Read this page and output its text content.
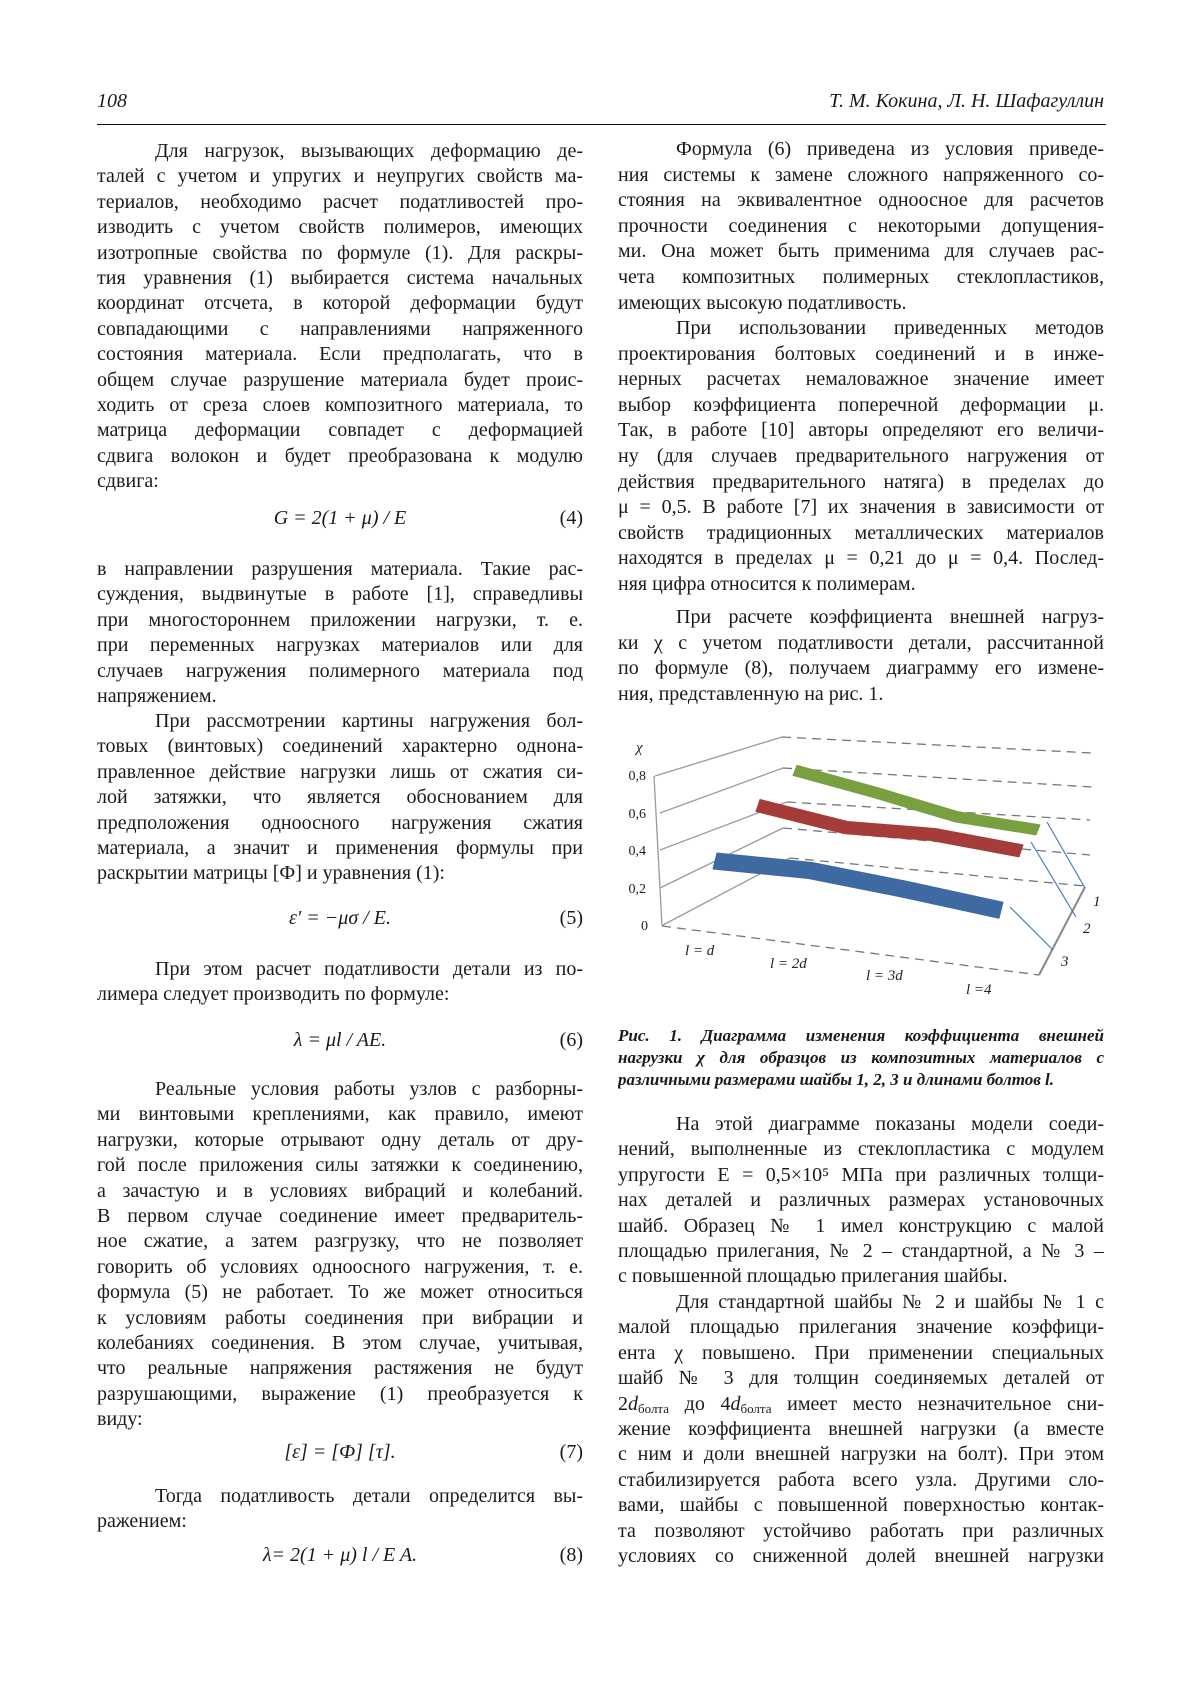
108	Т. М. Кокина, Л. Н. Шафагуллин
Для нагрузок, вызывающих деформацию де-
талей с учетом и упругих и неупругих свойств ма-
териалов, необходимо расчет податливостей про-
изводить с учетом свойств полимеров, имеющих
изотропные свойства по формуле (1). Для раскры-
тия уравнения (1) выбирается система начальных
координат отсчета, в которой деформации будут
совпадающими с направлениями напряженного
состояния материала. Если предполагать, что в
общем случае разрушение материала будет проис-
ходить от среза слоев композитного материала, то
матрица деформации совпадет с деформацией
сдвига волокон и будет преобразована к модулю
сдвига:
G = 2(1 + μ) / E	(4)
в направлении разрушения материала. Такие рас-
суждения, выдвинутые в работе [1], справедливы
при многостороннем приложении нагрузки, т. е.
при переменных нагрузках материалов или для
случаев нагружения полимерного материала под
напряжением.
При рассмотрении картины нагружения бол-
товых (винтовых) соединений характерно однона-
правленное действие нагрузки лишь от сжатия си-
лой затяжки, что является обоснованием для
предположения одноосного нагружения сжатия
материала, а значит и применения формулы при
раскрытии матрицы [Ф] и уравнения (1):
ε′ = −μσ / E.	(5)
При этом расчет податливости детали из по-
лимера следует производить по формуле:
λ = μl / AE.	(6)
Реальные условия работы узлов с разборны-
ми винтовыми креплениями, как правило, имеют
нагрузки, которые отрывают одну деталь от дру-
гой после приложения силы затяжки к соединению,
а зачастую и в условиях вибраций и колебаний.
В первом случае соединение имеет предваритель-
ное сжатие, а затем разгрузку, что не позволяет
говорить об условиях одноосного нагружения, т. е.
формула (5) не работает. То же может относиться
к условиям работы соединения при вибрации и
колебаниях соединения. В этом случае, учитывая,
что реальные напряжения растяжения не будут
разрушающими, выражение (1) преобразуется к
виду:
[ε] = [Ф] [τ].	(7)
Тогда податливость детали определится вы-
ражением:
λ= 2(1 + μ) l / E A.	(8)
Формула (6) приведена из условия приведе-
ния системы к замене сложного напряженного со-
стояния на эквивалентное одноосное для расчетов
прочности соединения с некоторыми допущения-
ми. Она может быть применима для случаев рас-
чета композитных полимерных стеклопластиков,
имеющих высокую податливость.
При использовании приведенных методов
проектирования болтовых соединений и в инже-
нерных расчетах немаловажное значение имеет
выбор коэффициента поперечной деформации μ.
Так, в работе [10] авторы определяют его величи-
ну (для случаев предварительного нагружения от
действия предварительного натяга) в пределах до
μ = 0,5. В работе [7] их значения в зависимости от
свойств традиционных металлических материалов
находятся в пределах μ = 0,21 до μ = 0,4. Послед-
няя цифра относится к полимерам.
При расчете коэффициента внешней нагруз-
ки χ с учетом податливости детали, рассчитанной
по формуле (8), получаем диаграмму его измене-
ния, представленную на рис. 1.
χ
0
0,2
0,4
0,6
0,8
l = d
l = 2d
l = 3d
l =4
1
2
3
Рис. 1. Диаграмма изменения коэффициента внешней
нагрузки χ для образцов из композитных материалов с
различными размерами шайбы 1, 2, 3 и длинами болтов l.
На этой диаграмме показаны модели соеди-
нений, выполненные из стеклопластика с модулем
упругости E = 0,5×10⁵ МПа при различных толщи-
нах деталей и различных размерах установочных
шайб. Образец № 1 имел конструкцию с малой
площадью прилегания, № 2 – стандартной, а № 3 –
с повышенной площадью прилегания шайбы.
Для стандартной шайбы № 2 и шайбы № 1 с
малой площадью прилегания значение коэффици-
ента χ повышено. При применении специальных
шайб № 3 для толщин соединяемых деталей от
$2d_{болта}$ до $4d_{болта}$ имеет место незначительное сни-
жение коэффициента внешней нагрузки (а вместе
с ним и доли внешней нагрузки на болт). При этом
стабилизируется работа всего узла. Другими сло-
вами, шайбы с повышенной поверхностью контак-
та позволяют устойчиво работать при различных
условиях со сниженной долей внешней нагрузки
